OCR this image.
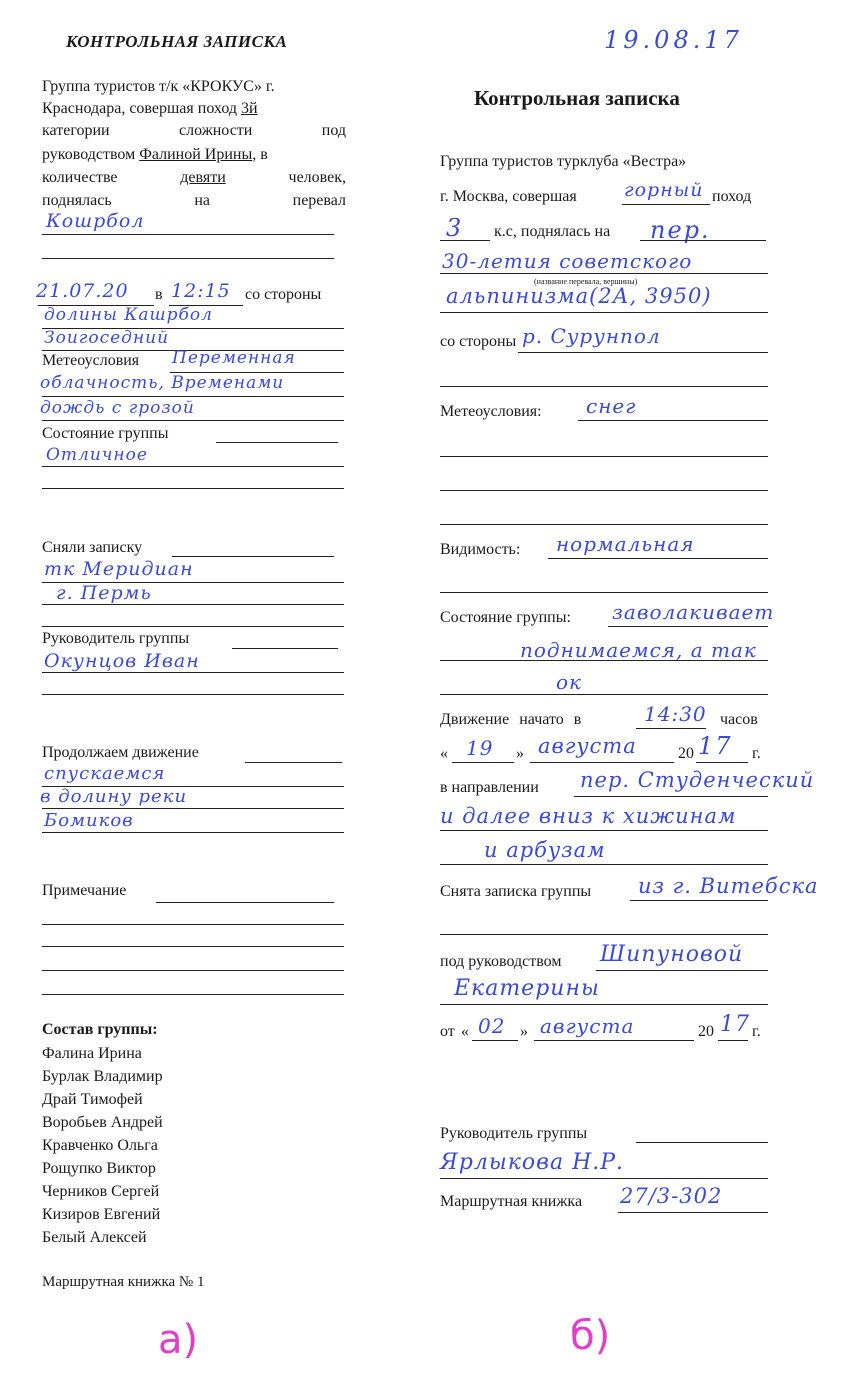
КОНТРОЛЬНАЯ ЗАПИСКА
Группа туристов т/к «КРОКУС» г.
Краснодара, совершая поход 3й
категории	сложности	под
руководством Фалиной Ирины, в
количестве	девяти	человек,
поднялась	на	перевал
Кошрбол
21.07.20 в 12:15 со стороны
долины Кашрбол
Зоигоседний
Метеоусловия Переменная
облачность, Временами
дождь с грозой
Состояние группы
Отличное
Сняли записку
тк Меридиан
г. Пермь
Руководитель группы
Окунцов Иван
Продолжаем движение
спускаемся
в долину реки
Бомиков
Примечание
Состав группы:
Фалина Ирина
Бурлак Владимир
Драй Тимофей
Воробьев Андрей
Кравченко Ольга
Рощупко Виктор
Черников Сергей
Кизиров Евгений
Белый Алексей
Маршрутная книжка № 1
а)
19.08.17
Контрольная записка
Группа туристов турклуба «Вестра»
г. Москва, совершая горный поход
3 к.с, поднялась на пер.
30-летия советского
(название перевала, вершины)
альпинизма(2А, 3950)
со стороны р. Сурунпол
Метеоусловия: снег
Видимость: нормальная
Состояние группы: заволакивает
поднимаемся, а так
ок
Движение начато в	14:30 часов
« 19 » августа	20 17 г.
в направлении пер. Студенческий
и далее вниз к хижинам
и арбузам
Снята записка группы из г. Витебска
под руководством Шипуновой
Екатерины
от « 02 » августа	20 17 г.
Руководитель группы
Ярлыкова Н.Р.
Маршрутная книжка 27/3-302
б)
